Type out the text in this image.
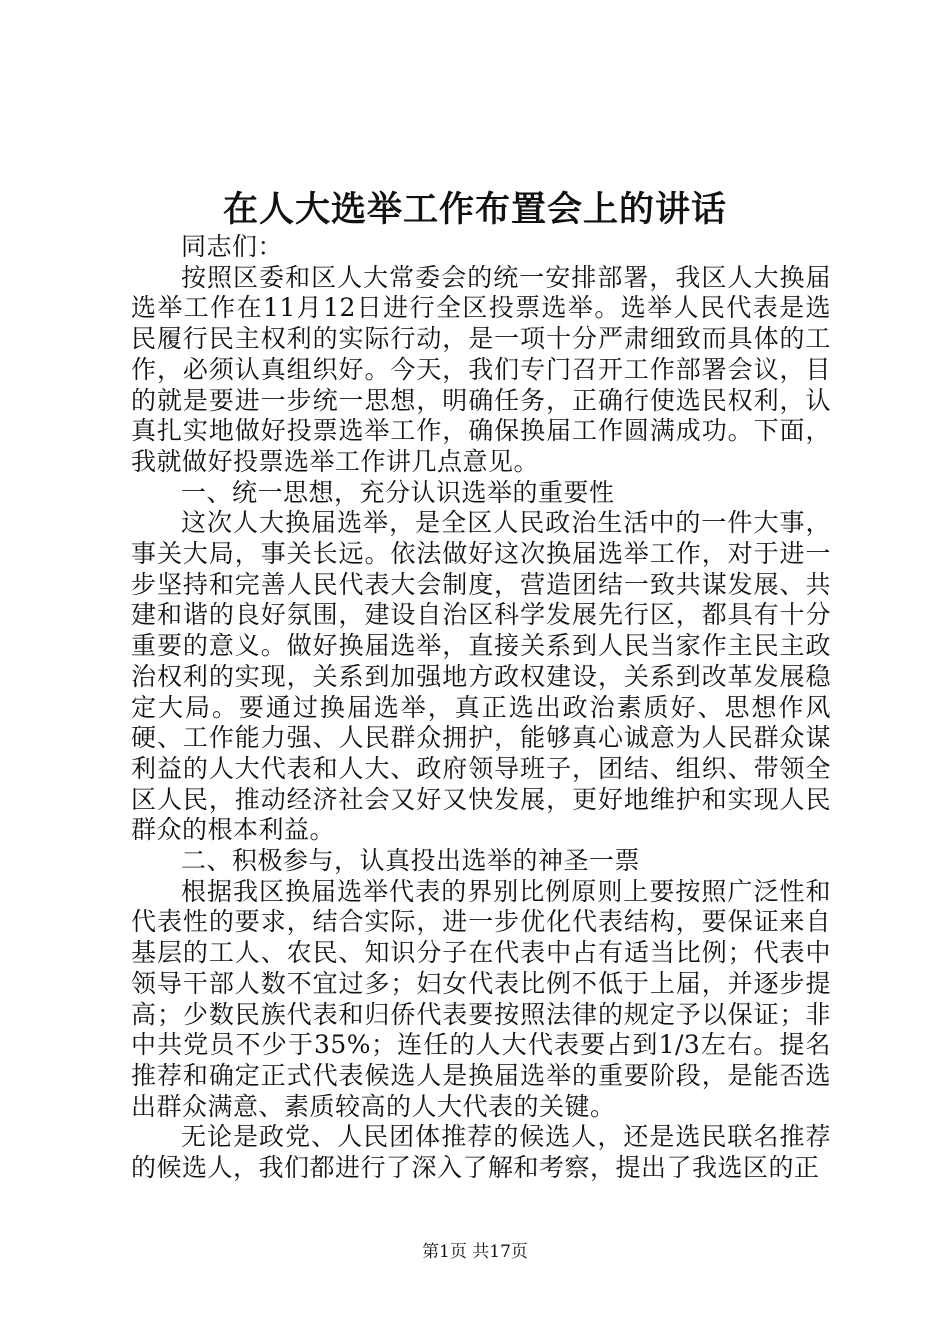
在人大选举工作布置会上的讲话

同志们：

按照区委和区人大常委会的统一安排部署，我区人大换届选举工作在11月12日进行全区投票选举。选举人民代表是选民履行民主权利的实际行动，是一项十分严肃细致而具体的工作，必须认真组织好。今天，我们专门召开工作部署会议，目的就是要进一步统一思想，明确任务，正确行使选民权利，认真扎实地做好投票选举工作，确保换届工作圆满成功。下面，我就做好投票选举工作讲几点意见。

一、统一思想，充分认识选举的重要性

这次人大换届选举，是全区人民政治生活中的一件大事，事关大局，事关长远。依法做好这次换届选举工作，对于进一步坚持和完善人民代表大会制度，营造团结一致共谋发展、共建和谐的良好氛围，建设自治区科学发展先行区，都具有十分重要的意义。做好换届选举，直接关系到人民当家作主民主政治权利的实现，关系到加强地方政权建设，关系到改革发展稳定大局。要通过换届选举，真正选出政治素质好、思想作风硬、工作能力强、人民群众拥护，能够真心诚意为人民群众谋利益的人大代表和人大、政府领导班子，团结、组织、带领全区人民，推动经济社会又好又快发展，更好地维护和实现人民群众的根本利益。

二、积极参与，认真投出选举的神圣一票

根据我区换届选举代表的界别比例原则上要按照广泛性和代表性的要求，结合实际，进一步优化代表结构，要保证来自基层的工人、农民、知识分子在代表中占有适当比例；代表中领导干部人数不宜过多；妇女代表比例不低于上届，并逐步提高；少数民族代表和归侨代表要按照法律的规定予以保证；非中共党员不少于35%；连任的人大代表要占到1/3左右。提名推荐和确定正式代表候选人是换届选举的重要阶段，是能否选出群众满意、素质较高的人大代表的关键。

无论是政党、人民团体推荐的候选人，还是选民联名推荐的候选人，我们都进行了深入了解和考察，提出了我选区的正

第1页 共17页
